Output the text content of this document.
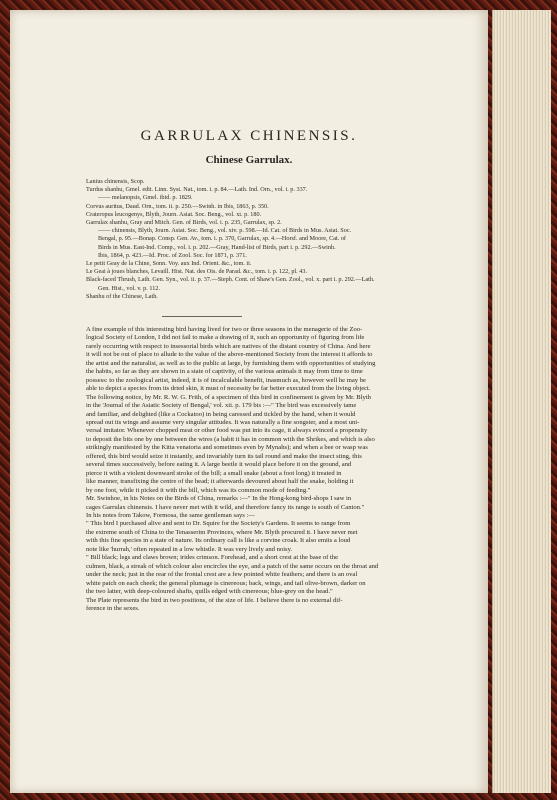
GARRULAX CHINENSIS.
Chinese Garrulax.
Lanius chinensis, Scop.
Turdus shanhu, Gmel. edit. Linn. Syst. Nat., tom. i. p. 84.—Lath. Ind. Orn., vol. i. p. 337.
—— melanopsis, Gmel. ibid. p. 1829.
Corvus auritus, Daud. Orn., tom. ii. p. 250.—Swinh. in Ibis, 1863, p. 350.
Crateropus leucogenys, Blyth, Journ. Asiat. Soc. Beng., vol. xi. p. 180.
Garrulax shanhu, Gray and Mitch. Gen. of Birds, vol. i. p. 235, Garrulax, sp. 2.
—— chinensis, Blyth, Journ. Asiat. Soc. Beng., vol. xiv. p. 598.—Id. Cat. of Birds in Mus. Asiat. Soc.
Bengal, p. 95.—Bonap. Consp. Gen. Av., tom. i. p. 370, Garrulax, sp. 4.—Horsf. and Moore, Cat. of
Birds in Mus. East-Ind. Comp., vol. i. p. 202.—Gray, Hand-list of Birds, part i. p. 292.—Swinh.
Ibis, 1864, p. 423.—Id. Proc. of Zool. Soc. for 1871, p. 371.
Le petit Geay de la Chine, Sonn. Voy. aux Ind. Orient. &c., tom. ii.
Le Geai à joues blanches, Levaill. Hist. Nat. des Ois. de Parad. &c., tom. i. p. 122, pl. 43.
Black-faced Thrush, Lath. Gen. Syn., vol. ii. p. 37.—Steph. Cont. of Shaw's Gen. Zool., vol. x. part i. p. 292.—Lath.
Gen. Hist., vol. v. p. 112.
Shanhu of the Chinese, Lath.
A fine example of this interesting bird having lived for two or three seasons in the menagerie of the Zoo-
logical Society of London, I did not fail to make a drawing of it, such an opportunity of figuring from life
rarely occurring with respect to insessorial birds which are natives of the distant country of China. And here
it will not be out of place to allude to the value of the above-mentioned Society from the interest it affords to
the artist and the naturalist, as well as to the public at large, by furnishing them with opportunities of studying
the habits, so far as they are shown in a state of captivity, of the various animals it may from time to time
possess: to the zoological artist, indeed, it is of incalculable benefit, inasmuch as, however well he may be
able to depict a species from its dried skin, it must of necessity be far better executed from the living object.
The following notice, by Mr. R. W. G. Frith, of a specimen of this bird in confinement is given by Mr. Blyth
in the 'Journal of the Asiatic Society of Bengal,' vol. xii. p. 179 bis :—" The bird was excessively tame
and familiar, and delighted (like a Cockatoo) in being caressed and tickled by the hand, when it would
spread out its wings and assume very singular attitudes. It was naturally a fine songster, and a most uni-
versal imitator. Whenever chopped meat or other food was put into its cage, it always evinced a propensity
to deposit the bits one by one between the wires (a habit it has in common with the Shrikes, and which is also
strikingly manifested by the Kitta venatoria and sometimes even by Mynahs); and when a bee or wasp was
offered, this bird would seize it instantly, and invariably turn its tail round and make the insect sting, this
several times successively, before eating it. A large beetle it would place before it on the ground, and
pierce it with a violent downward stroke of the bill; a small snake (about a foot long) it treated in
like manner, transfixing the centre of the head; it afterwards devoured about half the snake, holding it
by one foot, while it picked it with the bill, which was its common mode of feeding."
Mr. Swinhoe, in his Notes on the Birds of China, remarks :—" In the Hong-kong bird-shops I saw in
cages Garrulax chinensis. I have never met with it wild, and therefore fancy its range is south of Canton."
In his notes from Takow, Formosa, the same gentleman says :—
" This bird I purchased alive and sent to Dr. Squire for the Society's Gardens. It seems to range from
the extreme south of China to the Tenasserim Provinces, where Mr. Blyth procured it. I have never met
with this fine species in a state of nature. Its ordinary call is like a corvine croak. It also emits a loud
note like 'hurrah,' often repeated in a low whistle. It was very lively and noisy.
" Bill black; legs and claws brown; irides crimson. Forehead, and a short crest at the base of the
culmen, black, a streak of which colour also encircles the eye, and a patch of the same occurs on the throat and
under the neck; just in the rear of the frontal crest are a few pointed white feathers; and there is an oval
white patch on each cheek; the general plumage is cinereous; back, wings, and tail olive-brown, darker on
the two latter, with deep-coloured shafts, quills edged with cinereous; blue-grey on the head."
The Plate represents the bird in two positions, of the size of life. I believe there is no external dif-
ference in the sexes.
